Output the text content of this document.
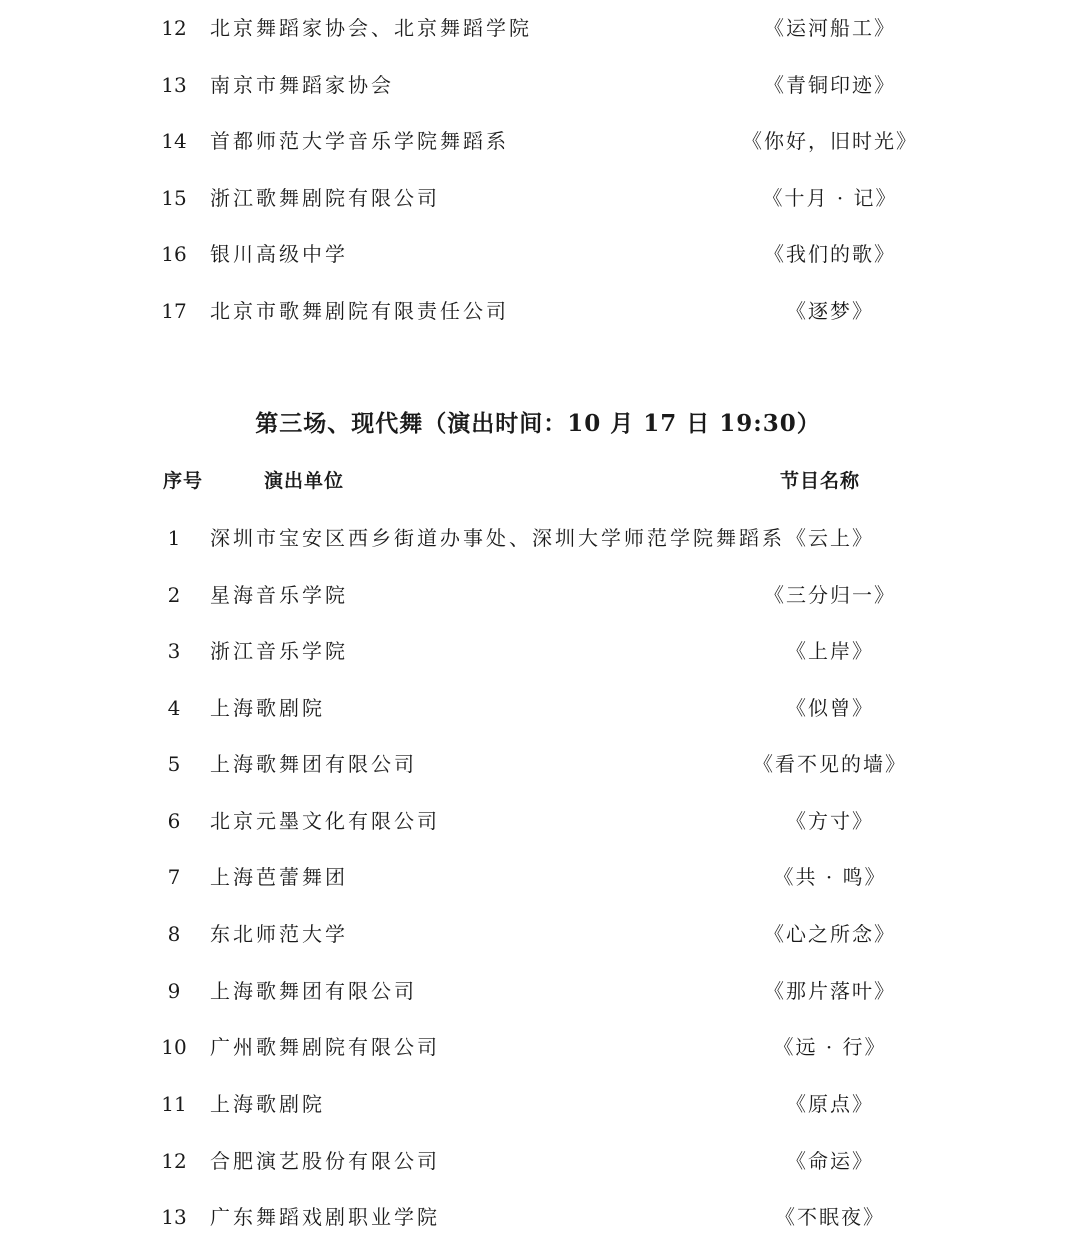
12	北京舞蹈家协会、北京舞蹈学院	《运河船工》
13	南京市舞蹈家协会	《青铜印迹》
14	首都师范大学音乐学院舞蹈系	《你好，旧时光》
15	浙江歌舞剧院有限公司	《十月 · 记》
16	银川高级中学	《我们的歌》
17	北京市歌舞剧院有限责任公司	《逐梦》
第三场、现代舞（演出时间：10 月 17 日 19:30）
序号	演出单位	节目名称
1	深圳市宝安区西乡街道办事处、深圳大学师范学院舞蹈系 《云上》
2	星海音乐学院	《三分归一》
3	浙江音乐学院	《上岸》
4	上海歌剧院	《似曾》
5	上海歌舞团有限公司	《看不见的墙》
6	北京元墨文化有限公司	《方寸》
7	上海芭蕾舞团	《共 · 鸣》
8	东北师范大学	《心之所念》
9	上海歌舞团有限公司	《那片落叶》
10	广州歌舞剧院有限公司	《远 · 行》
11	上海歌剧院	《原点》
12	合肥演艺股份有限公司	《命运》
13	广东舞蹈戏剧职业学院	《不眠夜》
